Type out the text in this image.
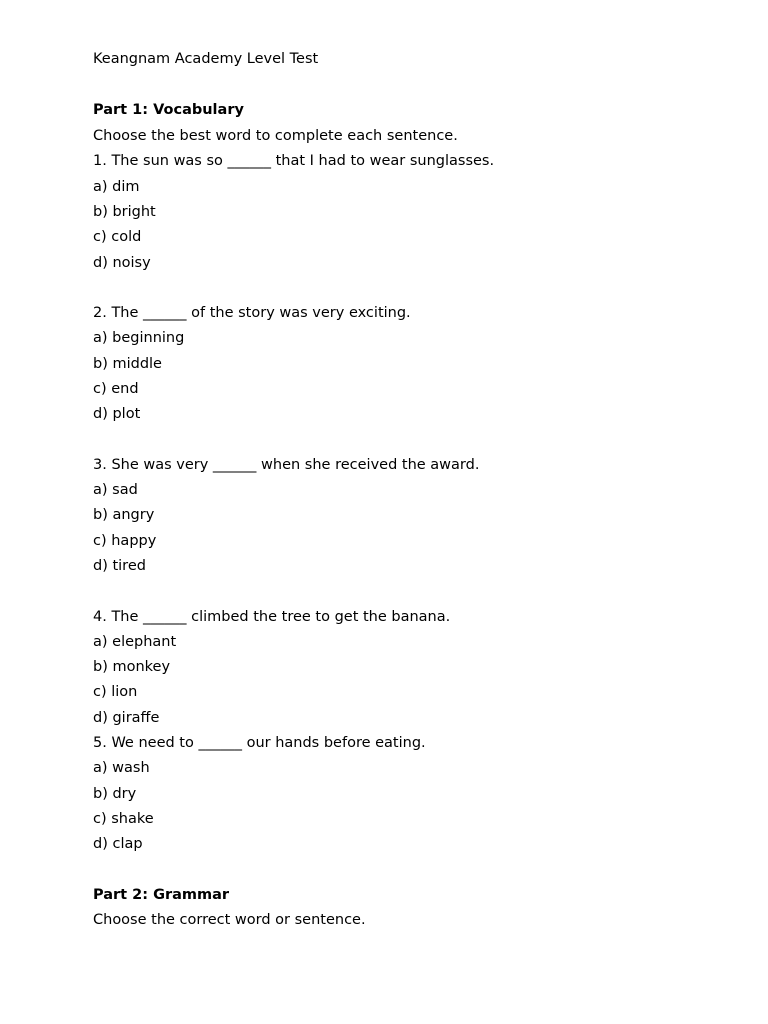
Keangnam Academy Level Test
Part 1: Vocabulary
Choose the best word to complete each sentence.
1. The sun was so ______ that I had to wear sunglasses.
a) dim
b) bright
c) cold
d) noisy
2. The ______ of the story was very exciting.
a) beginning
b) middle
c) end
d) plot
3. She was very ______ when she received the award.
a) sad
b) angry
c) happy
d) tired
4. The ______ climbed the tree to get the banana.
a) elephant
b) monkey
c) lion
d) giraffe
5. We need to ______ our hands before eating.
a) wash
b) dry
c) shake
d) clap
Part 2: Grammar
Choose the correct word or sentence.
